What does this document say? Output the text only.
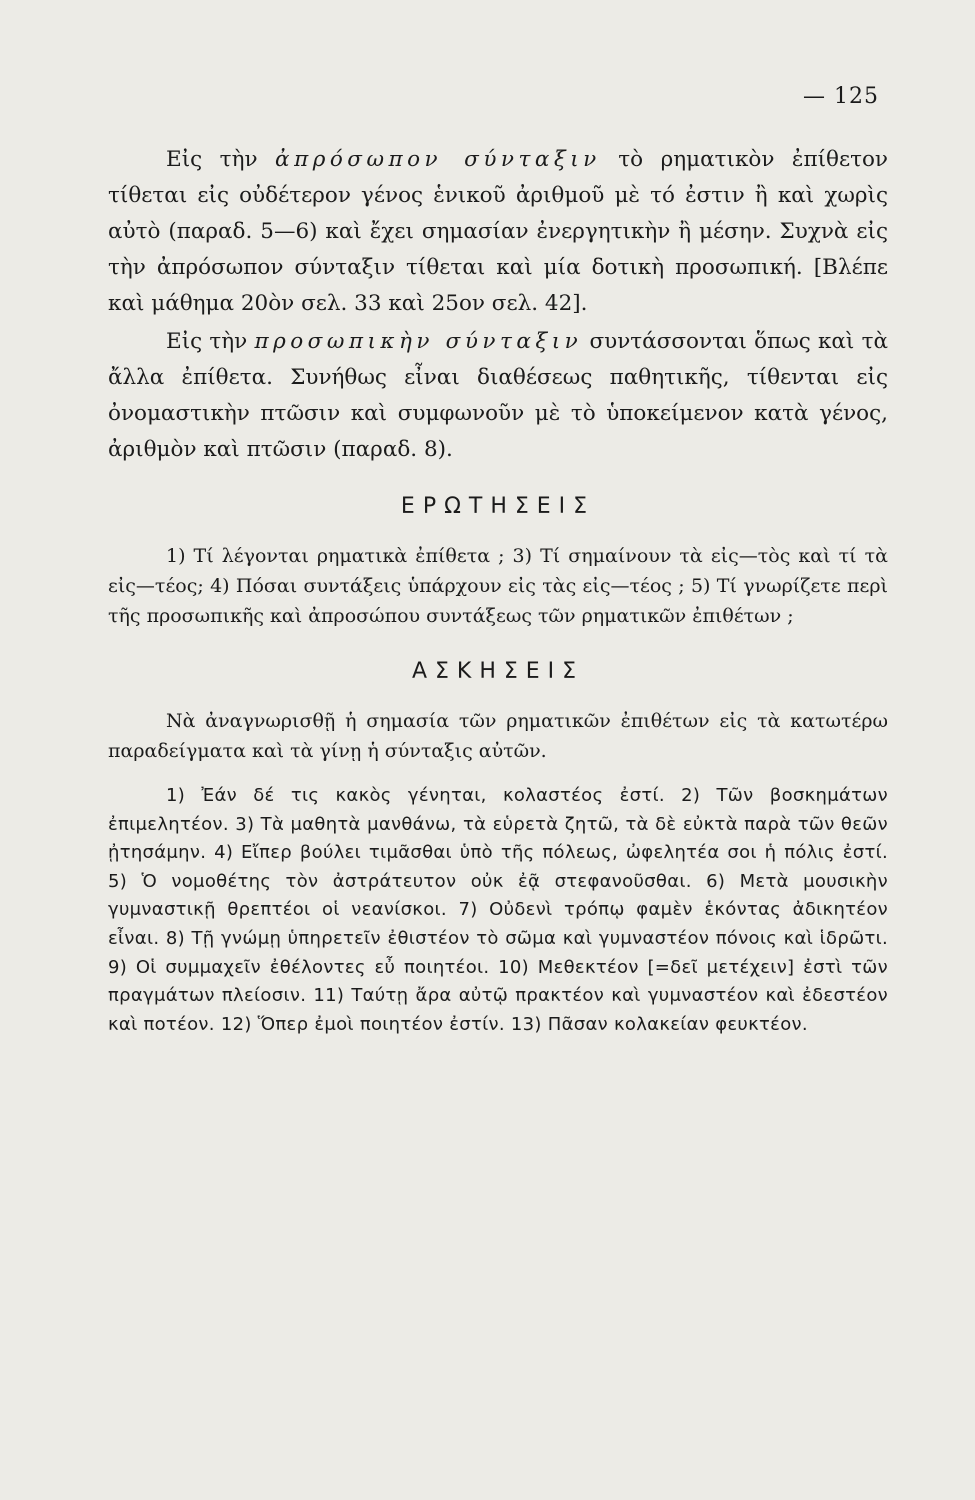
— 125

Εἰς τὴν ἀπρόσωπον σύνταξιν τὸ ρηματικὸν ἐπίθετον τίθεται εἰς οὐδέτερον γένος ἑνικοῦ ἀριθμοῦ μὲ τό ἐστιν ἢ καὶ χωρὶς αὐτὸ (παραδ. 5—6) καὶ ἔχει σημασίαν ἐνεργητικὴν ἢ μέσην. Συχνὰ εἰς τὴν ἀπρόσωπον σύνταξιν τίθεται καὶ μία δοτικὴ προσωπική. [Βλέπε καὶ μάθημα 20ὸν σελ. 33 καὶ 25ον σελ. 42].

Εἰς τὴν προσωπικὴν σύνταξιν συντάσσονται ὅπως καὶ τὰ ἄλλα ἐπίθετα. Συνήθως εἶναι διαθέσεως παθητικῆς, τίθενται εἰς ὀνομαστικὴν πτῶσιν καὶ συμφωνοῦν μὲ τὸ ὑποκείμενον κατὰ γένος, ἀριθμὸν καὶ πτῶσιν (παραδ. 8).

ΕΡΩΤΗΣΕΙΣ

1) Τί λέγονται ρηματικὰ ἐπίθετα ; 3) Τί σημαίνουν τὰ εἰς—τὸς καὶ τί τὰ εἰς—τέος; 4) Πόσαι συντάξεις ὑπάρχουν εἰς τὰς εἰς—τέος ; 5) Τί γνωρίζετε περὶ τῆς προσωπικῆς καὶ ἀπροσώπου συντάξεως τῶν ρηματικῶν ἐπιθέτων ;

ΑΣΚΗΣΕΙΣ

Νὰ ἀναγνωρισθῇ ἡ σημασία τῶν ρηματικῶν ἐπιθέτων εἰς τὰ κατωτέρω παραδείγματα καὶ τὰ γίνῃ ἡ σύνταξις αὐτῶν.

1) Ἐάν δέ τις κακὸς γένηται, κολαστέος ἐστί. 2) Τῶν βοσκημάτων ἐπιμελητέον. 3) Τὰ μαθητὰ μανθάνω, τὰ εὑρετὰ ζητῶ, τὰ δὲ εὐκτὰ παρὰ τῶν θεῶν ᾐτησάμην. 4) Εἴπερ βούλει τιμᾶσθαι ὑπὸ τῆς πόλεως, ὠφελητέα σοι ἡ πόλις ἐστί. 5) Ὁ νομοθέτης τὸν ἀστράτευτον οὐκ ἐᾷ στεφανοῦσθαι. 6) Μετὰ μουσικὴν γυμναστικῇ θρεπτέοι οἱ νεανίσκοι. 7) Οὐδενὶ τρόπῳ φαμὲν ἑκόντας ἀδικητέον εἶναι. 8) Τῇ γνώμῃ ὑπηρετεῖν ἐθιστέον τὸ σῶμα καὶ γυμναστέον πόνοις καὶ ἱδρῶτι. 9) Οἱ συμμαχεῖν ἐθέλοντες εὖ ποιητέοι. 10) Μεθεκτέον [=δεῖ μετέχειν] ἐστὶ τῶν πραγμάτων πλείοσιν. 11) Ταύτῃ ἄρα αὐτῷ πρακτέον καὶ γυμναστέον καὶ ἐδεστέον καὶ ποτέον. 12) Ὅπερ ἐμοὶ ποιητέον ἐστίν. 13) Πᾶσαν κολακείαν φευκτέον.
